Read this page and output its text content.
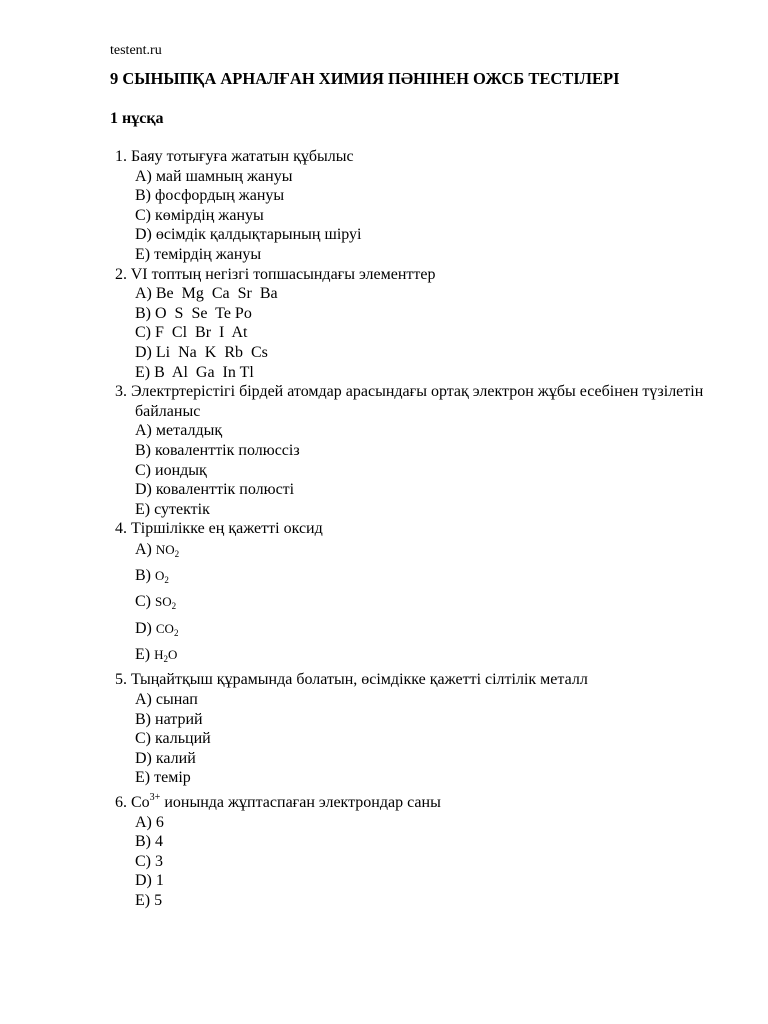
testent.ru
9 СЫНЫПҚА АРНАЛҒАН ХИМИЯ ПӘНІНЕН ОЖСБ ТЕСТІЛЕРІ
1 нұсқа
1. Баяу тотығуға жататын құбылыс
A) май шамның жануы
B) фосфордың жануы
C) көмірдің жануы
D) өсімдік қалдықтарының шіруі
E) темірдің жануы
2. VI топтың негізгі топшасындағы элементтер
A) Be  Mg  Ca  Sr  Ba
B) O  S  Se  Te Po
C) F  Cl  Br  I  At
D) Li  Na  K  Rb  Cs
E) B  Al  Ga  In Tl
3. Электртерістігі бірдей атомдар арасындағы ортақ электрон жұбы есебінен түзілетін байланыс
A) металдық
B) коваленттік полюссіз
C) иондық
D) коваленттік полюсті
E) сутектік
4. Тіршілікке ең қажетті оксид
A) $NO_2$
B) $O_2$
C) $SO_2$
D) $CO_2$
E) $H_2O$
5. Тыңайтқыш құрамында болатын, өсімдікке қажетті сілтілік металл
A) сынап
B) натрий
C) кальций
D) калий
E) темір
6. $Co^{3+}$ ионында жұптаспаған электрондар саны
A) 6
B) 4
C) 3
D) 1
E) 5
